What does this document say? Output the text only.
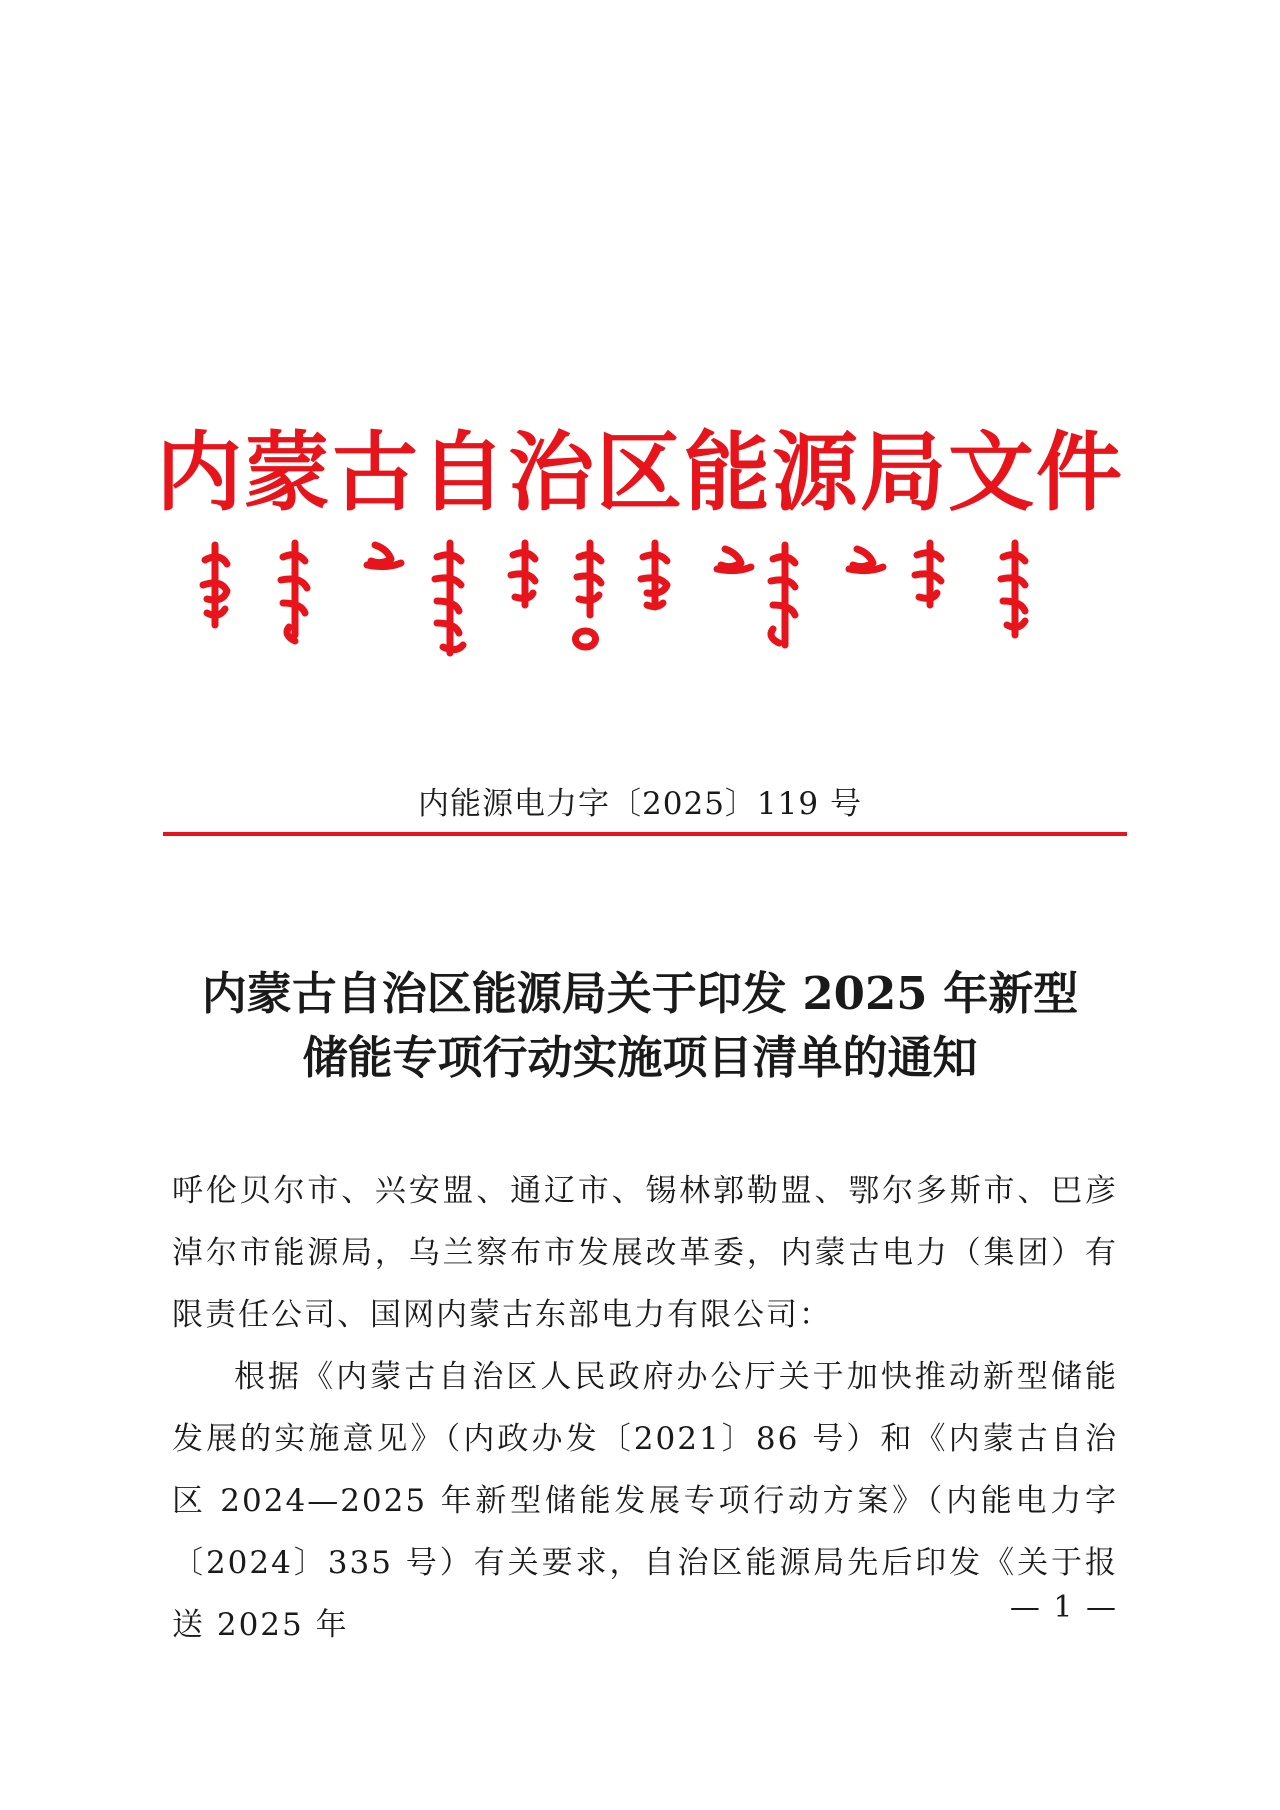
内蒙古自治区能源局文件
内能源电力字〔2025〕119 号
内蒙古自治区能源局关于印发 2025 年新型
储能专项行动实施项目清单的通知

呼伦贝尔市、兴安盟、通辽市、锡林郭勒盟、鄂尔多斯市、巴彦淖尔市能源局，乌兰察布市发展改革委，内蒙古电力（集团）有限责任公司、国网内蒙古东部电力有限公司：

根据《内蒙古自治区人民政府办公厅关于加快推动新型储能发展的实施意见》（内政办发〔2021〕86 号）和《内蒙古自治区 2024—2025 年新型储能发展专项行动方案》（内能电力字〔2024〕335 号）有关要求，自治区能源局先后印发《关于报送 2025 年	— 1 —
